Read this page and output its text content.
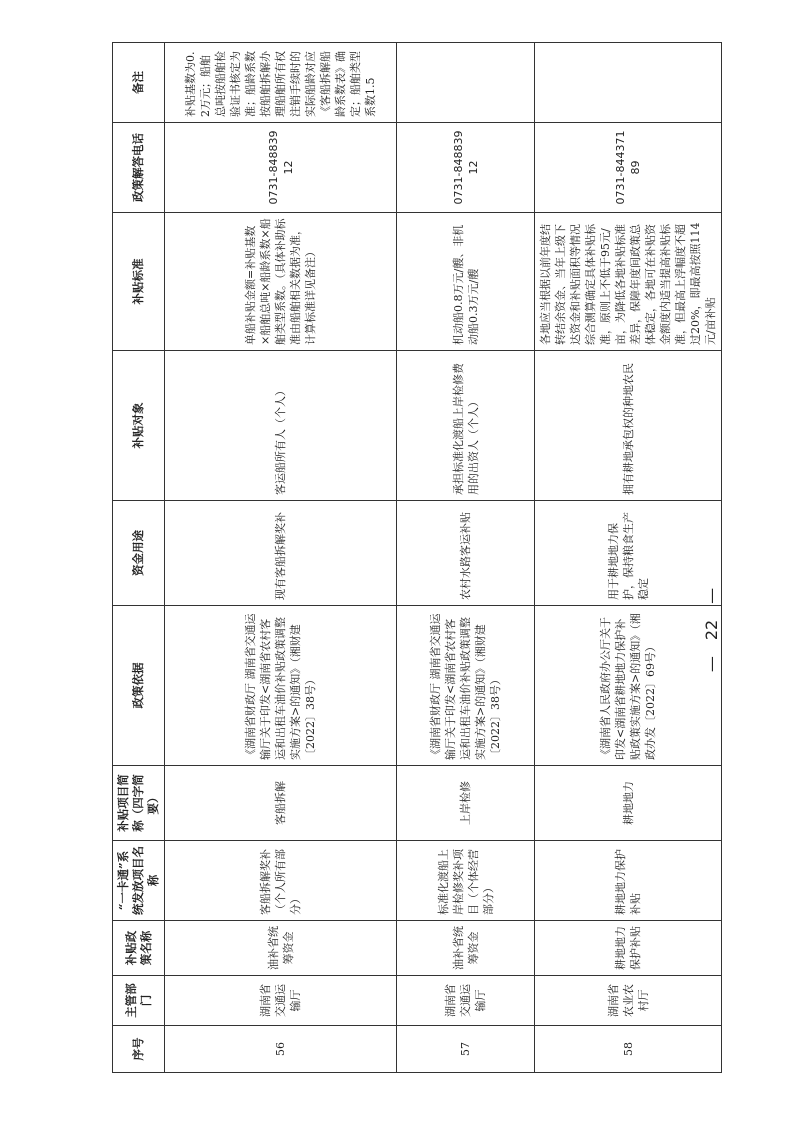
序号	主管部门	补贴政策名称	“一卡通”系统发放项目名称	补贴项目简称（四字简要）	政策依据	资金用途	补贴对象	补贴标准	政策解答电话	备注
56	湖南省交通运输厅	油补省统筹资金	客船拆解奖补（个人所有部分）	客船拆解	《湖南省财政厅 湖南省交通运输厅关于印发<湖南省农村客运和出租车油价补贴政策调整实施方案>的通知》（湘财建〔2022〕38号）	现有客船拆解奖补	客运船所有人（个人）	单船补贴金额=补贴基数×船舶总吨×船龄系数×船舶类型系数。（具体补助标准由船舶相关数据为准，计算标准详见备注）	0731-84883912	补贴基数为0.2万元；船舶总吨按船舶检验证书核定为准；船龄系数按船舶拆解办理船舶所有权注销手续时的实际船龄对应《客船拆解船龄系数表》确定；船舶类型系数1.5
57	湖南省交通运输厅	油补省统筹资金	标准化渡船上岸检修奖补项目（个体经营部分）	上岸检修	《湖南省财政厅 湖南省交通运输厅关于印发<湖南省农村客运和出租车油价补贴政策调整实施方案>的通知》（湘财建〔2022〕38号）	农村水路客运补贴	承担标准化渡船上岸检修费用的出资人（个人）	机动船0.8万元/艘、非机动船0.3万元/艘	0731-84883912	
58	湖南省农业农村厅	耕地地力保护补贴	耕地地力保护补贴	耕地地力	《湖南省人民政府办公厅关于印发<湖南省耕地地力保护补贴政策实施方案>的通知》（湘政办发〔2022〕69号）	用于耕地地力保护，保持粮食生产稳定	拥有耕地承包权的种地农民	各地应当根据以前年度结转结余资金、当年上级下达资金和补贴面积等情况综合测算确定具体补贴标准，原则上不低于95元/亩，为降低各地补贴标准差异，保障年度间政策总体稳定，各地可在补贴资金额度内适当提高补贴标准，但最高上浮幅度不超过20%，即最高按照114元/亩补贴	0731-84437189	
—
22
—
